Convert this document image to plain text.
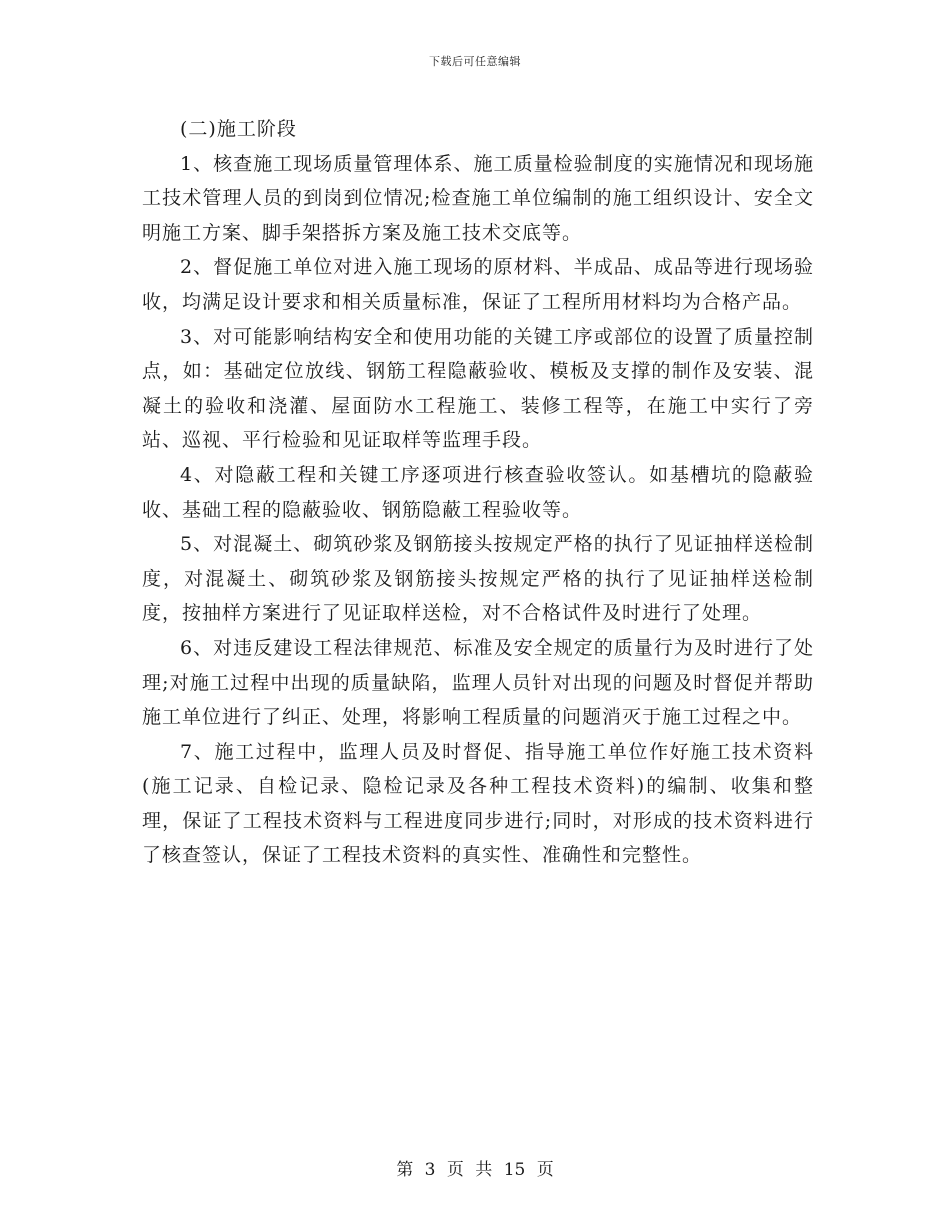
下载后可任意编辑

(二)施工阶段

1、核查施工现场质量管理体系、施工质量检验制度的实施情况和现场施工技术管理人员的到岗到位情况;检查施工单位编制的施工组织设计、安全文明施工方案、脚手架搭拆方案及施工技术交底等。

2、督促施工单位对进入施工现场的原材料、半成品、成品等进行现场验收，均满足设计要求和相关质量标准，保证了工程所用材料均为合格产品。

3、对可能影响结构安全和使用功能的关键工序或部位的设置了质量控制点，如：基础定位放线、钢筋工程隐蔽验收、模板及支撑的制作及安装、混凝土的验收和浇灌、屋面防水工程施工、装修工程等，在施工中实行了旁站、巡视、平行检验和见证取样等监理手段。

4、对隐蔽工程和关键工序逐项进行核查验收签认。如基槽坑的隐蔽验收、基础工程的隐蔽验收、钢筋隐蔽工程验收等。

5、对混凝土、砌筑砂浆及钢筋接头按规定严格的执行了见证抽样送检制度，对混凝土、砌筑砂浆及钢筋接头按规定严格的执行了见证抽样送检制度，按抽样方案进行了见证取样送检，对不合格试件及时进行了处理。

6、对违反建设工程法律规范、标准及安全规定的质量行为及时进行了处理;对施工过程中出现的质量缺陷，监理人员针对出现的问题及时督促并帮助施工单位进行了纠正、处理，将影响工程质量的问题消灭于施工过程之中。

7、施工过程中，监理人员及时督促、指导施工单位作好施工技术资料(施工记录、自检记录、隐检记录及各种工程技术资料)的编制、收集和整理，保证了工程技术资料与工程进度同步进行;同时，对形成的技术资料进行了核查签认，保证了工程技术资料的真实性、准确性和完整性。

第 3 页 共 15 页
